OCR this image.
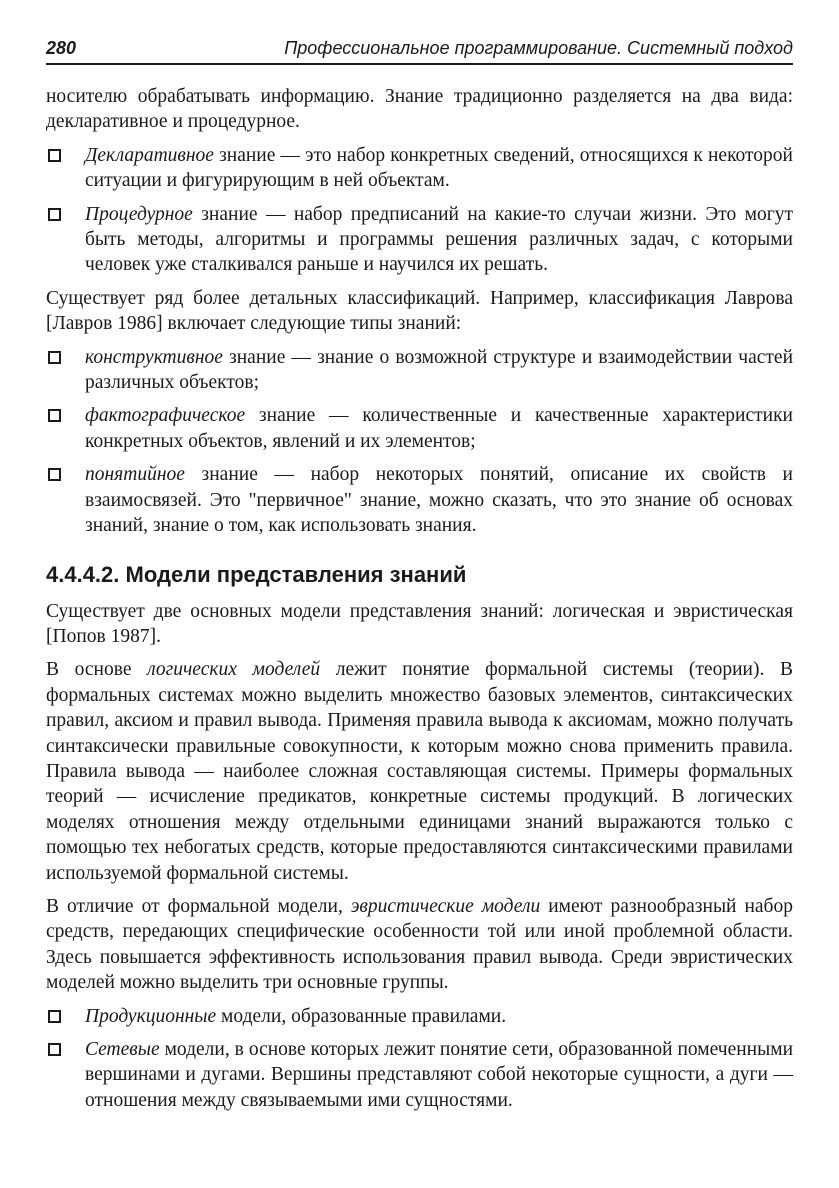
280	Профессиональное программирование. Системный подход

носителю обрабатывать информацию. Знание традиционно разделяется на два вида: декларативное и процедурное.

Декларативное знание — это набор конкретных сведений, относящихся к некоторой ситуации и фигурирующим в ней объектам.
Процедурное знание — набор предписаний на какие-то случаи жизни. Это могут быть методы, алгоритмы и программы решения различных задач, с которыми человек уже сталкивался раньше и научился их решать.

Существует ряд более детальных классификаций. Например, классификация Лаврова [Лавров 1986] включает следующие типы знаний:

конструктивное знание — знание о возможной структуре и взаимодействии частей различных объектов;
фактографическое знание — количественные и качественные характеристики конкретных объектов, явлений и их элементов;
понятийное знание — набор некоторых понятий, описание их свойств и взаимосвязей. Это "первичное" знание, можно сказать, что это знание об основах знаний, знание о том, как использовать знания.
4.4.4.2. Модели представления знаний

Существует две основных модели представления знаний: логическая и эвристическая [Попов 1987].

В основе логических моделей лежит понятие формальной системы (теории). В формальных системах можно выделить множество базовых элементов, синтаксических правил, аксиом и правил вывода. Применяя правила вывода к аксиомам, можно получать синтаксически правильные совокупности, к которым можно снова применить правила. Правила вывода — наиболее сложная составляющая системы. Примеры формальных теорий — исчисление предикатов, конкретные системы продукций. В логических моделях отношения между отдельными единицами знаний выражаются только с помощью тех небогатых средств, которые предоставляются синтаксическими правилами используемой формальной системы.

В отличие от формальной модели, эвристические модели имеют разнообразный набор средств, передающих специфические особенности той или иной проблемной области. Здесь повышается эффективность использования правил вывода. Среди эвристических моделей можно выделить три основные группы.

Продукционные модели, образованные правилами.
Сетевые модели, в основе которых лежит понятие сети, образованной помеченными вершинами и дугами. Вершины представляют собой некоторые сущности, а дуги — отношения между связываемыми ими сущностями.
